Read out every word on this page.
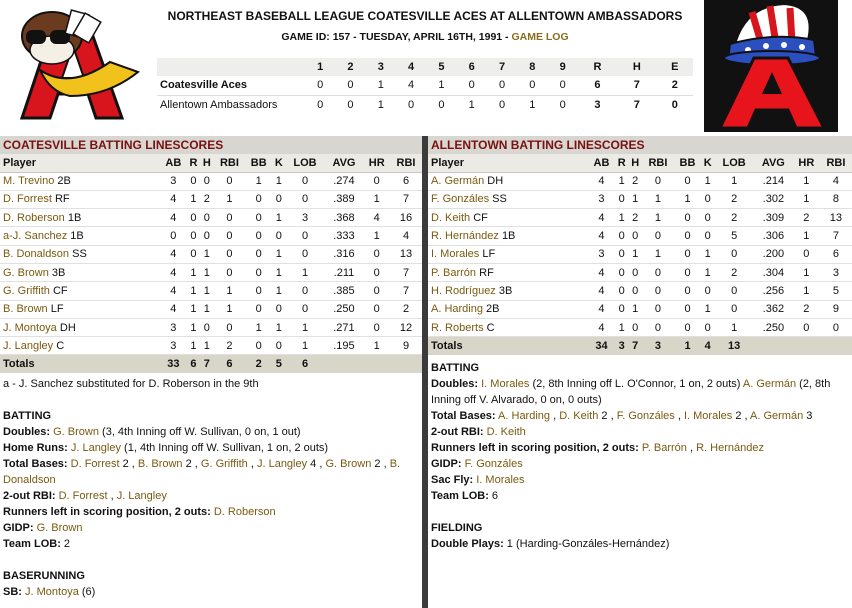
NORTHEAST BASEBALL LEAGUE COATESVILLE ACES AT ALLENTOWN AMBASSADORS
GAME ID: 157 - TUESDAY, APRIL 16TH, 1991 - GAME LOG
	1	2	3	4	5	6	7	8	9	R	H	E
Coatesville Aces	0	0	1	4	1	0	0	0	0	6	7	2
Allentown Ambassadors	0	0	1	0	0	1	0	1	0	3	7	0
COATESVILLE BATTING LINESCORES
Player	AB	R	H	RBI	BB	K	LOB	AVG	HR	RBI
M. Trevino 2B	3	0	0	0	1	1	0	.274	0	6
D. Forrest RF	4	1	2	1	0	0	0	.389	1	7
D. Roberson 1B	4	0	0	0	0	1	3	.368	4	16
a-J. Sanchez 1B	0	0	0	0	0	0	0	.333	1	4
B. Donaldson SS	4	0	1	0	0	1	0	.316	0	13
G. Brown 3B	4	1	1	0	0	1	1	.211	0	7
G. Griffith CF	4	1	1	1	0	1	0	.385	0	7
B. Brown LF	4	1	1	1	0	0	0	.250	0	2
J. Montoya DH	3	1	0	0	1	1	1	.271	0	12
J. Langley C	3	1	1	2	0	0	1	.195	1	9
Totals	33	6	7	6	2	5	6			
a - J. Sanchez substituted for D. Roberson in the 9th
BATTING
Doubles: G. Brown (3, 4th Inning off W. Sullivan, 0 on, 1 out)
Home Runs: J. Langley (1, 4th Inning off W. Sullivan, 1 on, 2 outs)
Total Bases: D. Forrest 2 , B. Brown 2 , G. Griffith , J. Langley 4 , G. Brown 2 , B. Donaldson
2-out RBI: D. Forrest , J. Langley
Runners left in scoring position, 2 outs: D. Roberson
GIDP: G. Brown
Team LOB: 2
BASERUNNING
SB: J. Montoya (6)
ALLENTOWN BATTING LINESCORES
Player	AB	R	H	RBI	BB	K	LOB	AVG	HR	RBI
A. Germán DH	4	1	2	0	0	1	1	.214	1	4
F. Gonzáles SS	3	0	1	1	1	0	2	.302	1	8
D. Keith CF	4	1	2	1	0	0	2	.309	2	13
R. Hernández 1B	4	0	0	0	0	0	5	.306	1	7
I. Morales LF	3	0	1	1	0	1	0	.200	0	6
P. Barrón RF	4	0	0	0	0	1	2	.304	1	3
H. Rodríguez 3B	4	0	0	0	0	0	0	.256	1	5
A. Harding 2B	4	0	1	0	0	1	0	.362	2	9
R. Roberts C	4	1	0	0	0	0	1	.250	0	0
Totals	34	3	7	3	1	4	13			
BATTING
Doubles: I. Morales (2, 8th Inning off L. O'Connor, 1 on, 2 outs) A. Germán (2, 8th Inning off V. Alvarado, 0 on, 0 outs)
Total Bases: A. Harding , D. Keith 2 , F. Gonzáles , I. Morales 2 , A. Germán 3
2-out RBI: D. Keith
Runners left in scoring position, 2 outs: P. Barrón , R. Hernández
GIDP: F. Gonzáles
Sac Fly: I. Morales
Team LOB: 6
FIELDING
Double Plays: 1 (Harding-Gonzáles-Hernández)
